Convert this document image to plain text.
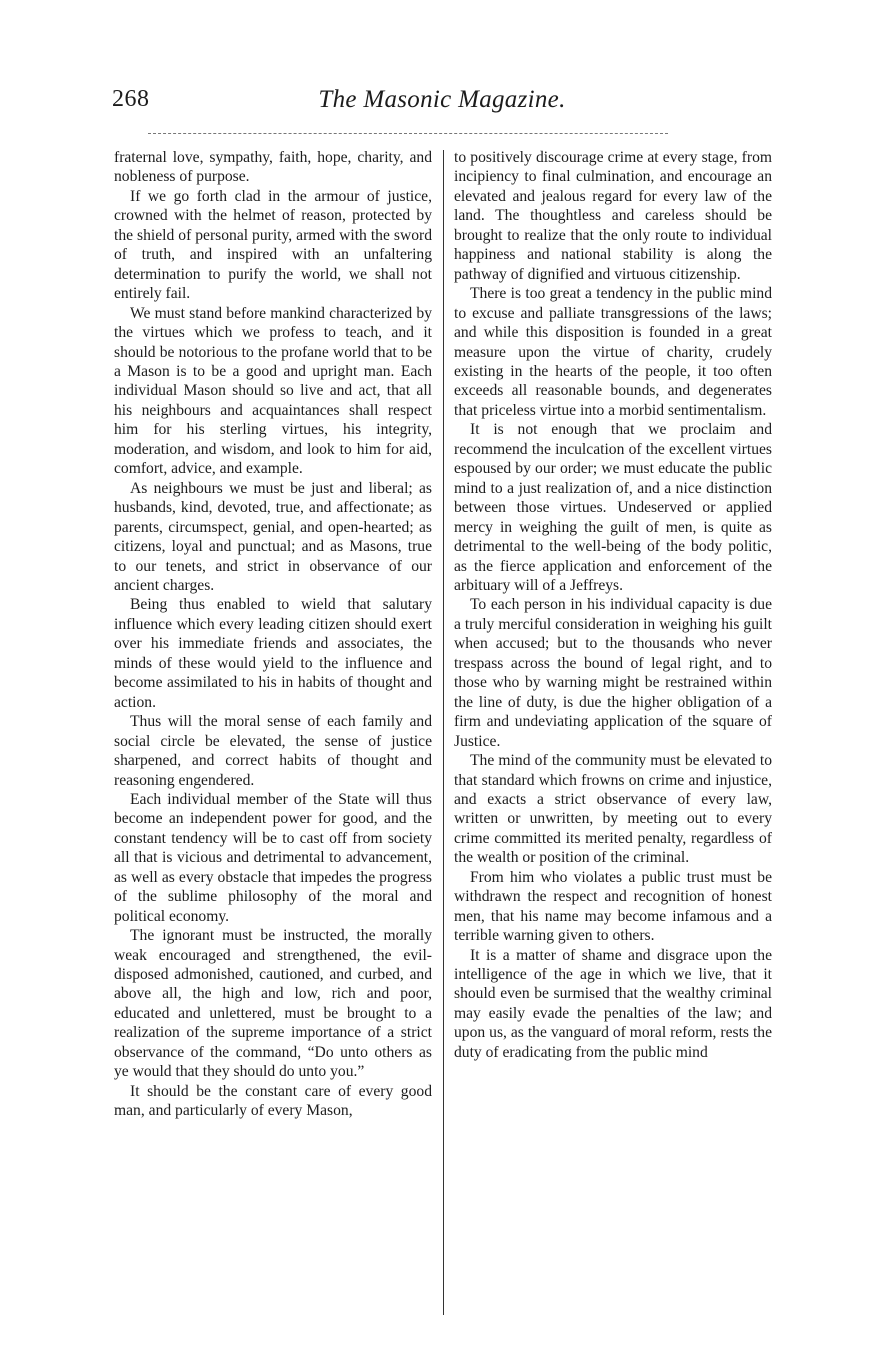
268	The Masonic Magazine.

fraternal love, sympathy, faith, hope, charity, and nobleness of purpose.

If we go forth clad in the armour of justice, crowned with the helmet of reason, protected by the shield of personal purity, armed with the sword of truth, and inspired with an unfaltering determination to purify the world, we shall not entirely fail.

We must stand before mankind characterized by the virtues which we profess to teach, and it should be notorious to the profane world that to be a Mason is to be a good and upright man. Each individual Mason should so live and act, that all his neighbours and acquaintances shall respect him for his sterling virtues, his integrity, moderation, and wisdom, and look to him for aid, comfort, advice, and example.

As neighbours we must be just and liberal; as husbands, kind, devoted, true, and affectionate; as parents, circumspect, genial, and open-hearted; as citizens, loyal and punctual; and as Masons, true to our tenets, and strict in observance of our ancient charges.

Being thus enabled to wield that salutary influence which every leading citizen should exert over his immediate friends and associates, the minds of these would yield to the influence and become assimilated to his in habits of thought and action.

Thus will the moral sense of each family and social circle be elevated, the sense of justice sharpened, and correct habits of thought and reasoning engendered.

Each individual member of the State will thus become an independent power for good, and the constant tendency will be to cast off from society all that is vicious and detrimental to advancement, as well as every obstacle that impedes the progress of the sublime philosophy of the moral and political economy.

The ignorant must be instructed, the morally weak encouraged and strengthened, the evil-disposed admonished, cautioned, and curbed, and above all, the high and low, rich and poor, educated and unlettered, must be brought to a realization of the supreme importance of a strict observance of the command, “Do unto others as ye would that they should do unto you.”

It should be the constant care of every good man, and particularly of every Mason,

to positively discourage crime at every stage, from incipiency to final culmination, and encourage an elevated and jealous regard for every law of the land. The thoughtless and careless should be brought to realize that the only route to individual happiness and national stability is along the pathway of dignified and virtuous citizenship.

There is too great a tendency in the public mind to excuse and palliate transgressions of the laws; and while this disposition is founded in a great measure upon the virtue of charity, crudely existing in the hearts of the people, it too often exceeds all reasonable bounds, and degenerates that priceless virtue into a morbid sentimentalism.

It is not enough that we proclaim and recommend the inculcation of the excellent virtues espoused by our order; we must educate the public mind to a just realization of, and a nice distinction between those virtues. Undeserved or applied mercy in weighing the guilt of men, is quite as detrimental to the well-being of the body politic, as the fierce application and enforcement of the arbituary will of a Jeffreys.

To each person in his individual capacity is due a truly merciful consideration in weighing his guilt when accused; but to the thousands who never trespass across the bound of legal right, and to those who by warning might be restrained within the line of duty, is due the higher obligation of a firm and undeviating application of the square of Justice.

The mind of the community must be elevated to that standard which frowns on crime and injustice, and exacts a strict observance of every law, written or unwritten, by meeting out to every crime committed its merited penalty, regardless of the wealth or position of the criminal.

From him who violates a public trust must be withdrawn the respect and recognition of honest men, that his name may become infamous and a terrible warning given to others.

It is a matter of shame and disgrace upon the intelligence of the age in which we live, that it should even be surmised that the wealthy criminal may easily evade the penalties of the law; and upon us, as the vanguard of moral reform, rests the duty of eradicating from the public mind
